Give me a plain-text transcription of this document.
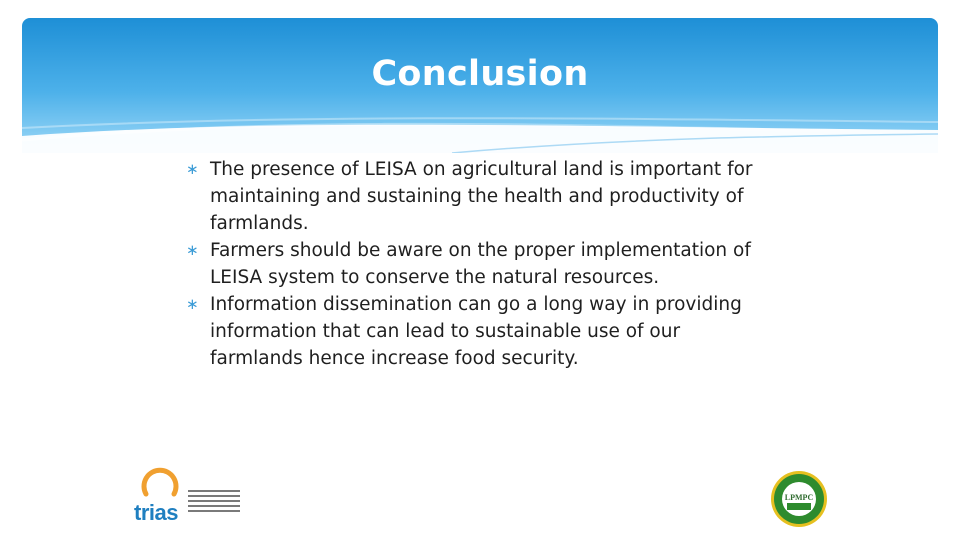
Conclusion
∗ The presence of LEISA on agricultural land is important for maintaining and sustaining the health and productivity of farmlands.
∗ Farmers should be aware on the proper implementation of LEISA system to conserve the natural resources.
∗ Information dissemination can go a long way in providing information that can lead to sustainable use of our farmlands hence increase food security.
trias
LPMPC
